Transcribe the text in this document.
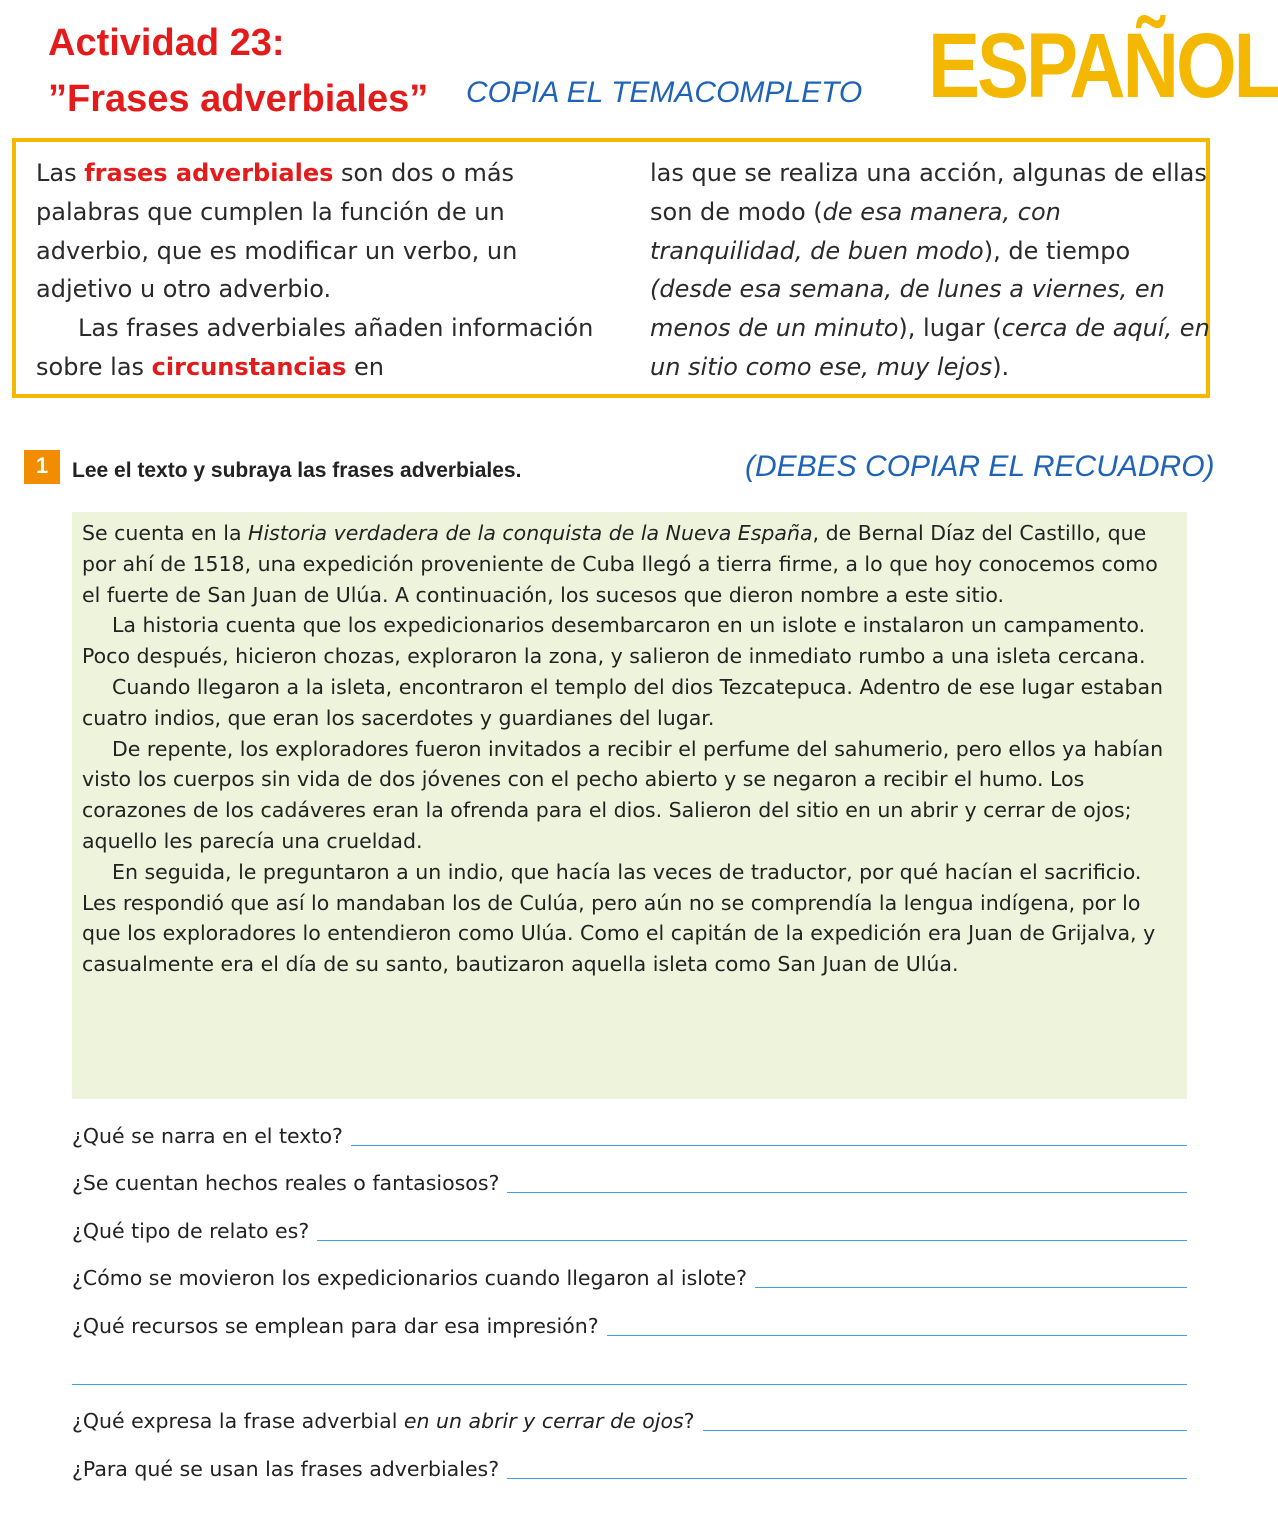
Actividad 23:
”Frases adverbiales” COPIA EL TEMACOMPLETO ESPAÑOL

Las frases adverbiales son dos o más palabras que cumplen la función de un adverbio, que es modificar un verbo, un adjetivo u otro adverbio.

Las frases adverbiales añaden información sobre las circunstancias en

las que se realiza una acción, algunas de ellas son de modo (de esa manera, con tranquilidad, de buen modo), de tiempo (desde esa semana, de lunes a viernes, en menos de un minuto), lugar (cerca de aquí, en un sitio como ese, muy lejos).

1	Lee el texto y subraya las frases adverbiales.	(DEBES COPIAR EL RECUADRO)

Se cuenta en la Historia verdadera de la conquista de la Nueva España, de Bernal Díaz del Castillo, que por ahí de 1518, una expedición proveniente de Cuba llegó a tierra firme, a lo que hoy conocemos como el fuerte de San Juan de Ulúa. A continuación, los sucesos que dieron nombre a este sitio.

La historia cuenta que los expedicionarios desembarcaron en un islote e instalaron un campamento. Poco después, hicieron chozas, exploraron la zona, y salieron de inmediato rumbo a una isleta cercana.

Cuando llegaron a la isleta, encontraron el templo del dios Tezcatepuca. Adentro de ese lugar estaban cuatro indios, que eran los sacerdotes y guardianes del lugar.

De repente, los exploradores fueron invitados a recibir el perfume del sahumerio, pero ellos ya habían visto los cuerpos sin vida de dos jóvenes con el pecho abierto y se negaron a recibir el humo. Los corazones de los cadáveres eran la ofrenda para el dios. Salieron del sitio en un abrir y cerrar de ojos; aquello les parecía una crueldad.

En seguida, le preguntaron a un indio, que hacía las veces de traductor, por qué hacían el sacrificio. Les respondió que así lo mandaban los de Culúa, pero aún no se comprendía la lengua indígena, por lo que los exploradores lo entendieron como Ulúa. Como el capitán de la expedición era Juan de Grijalva, y casualmente era el día de su santo, bautizaron aquella isleta como San Juan de Ulúa.

¿Qué se narra en el texto?
¿Se cuentan hechos reales o fantasiosos?
¿Qué tipo de relato es?
¿Cómo se movieron los expedicionarios cuando llegaron al islote?
¿Qué recursos se emplean para dar esa impresión?
¿Qué expresa la frase adverbial en un abrir y cerrar de ojos?
¿Para qué se usan las frases adverbiales?
